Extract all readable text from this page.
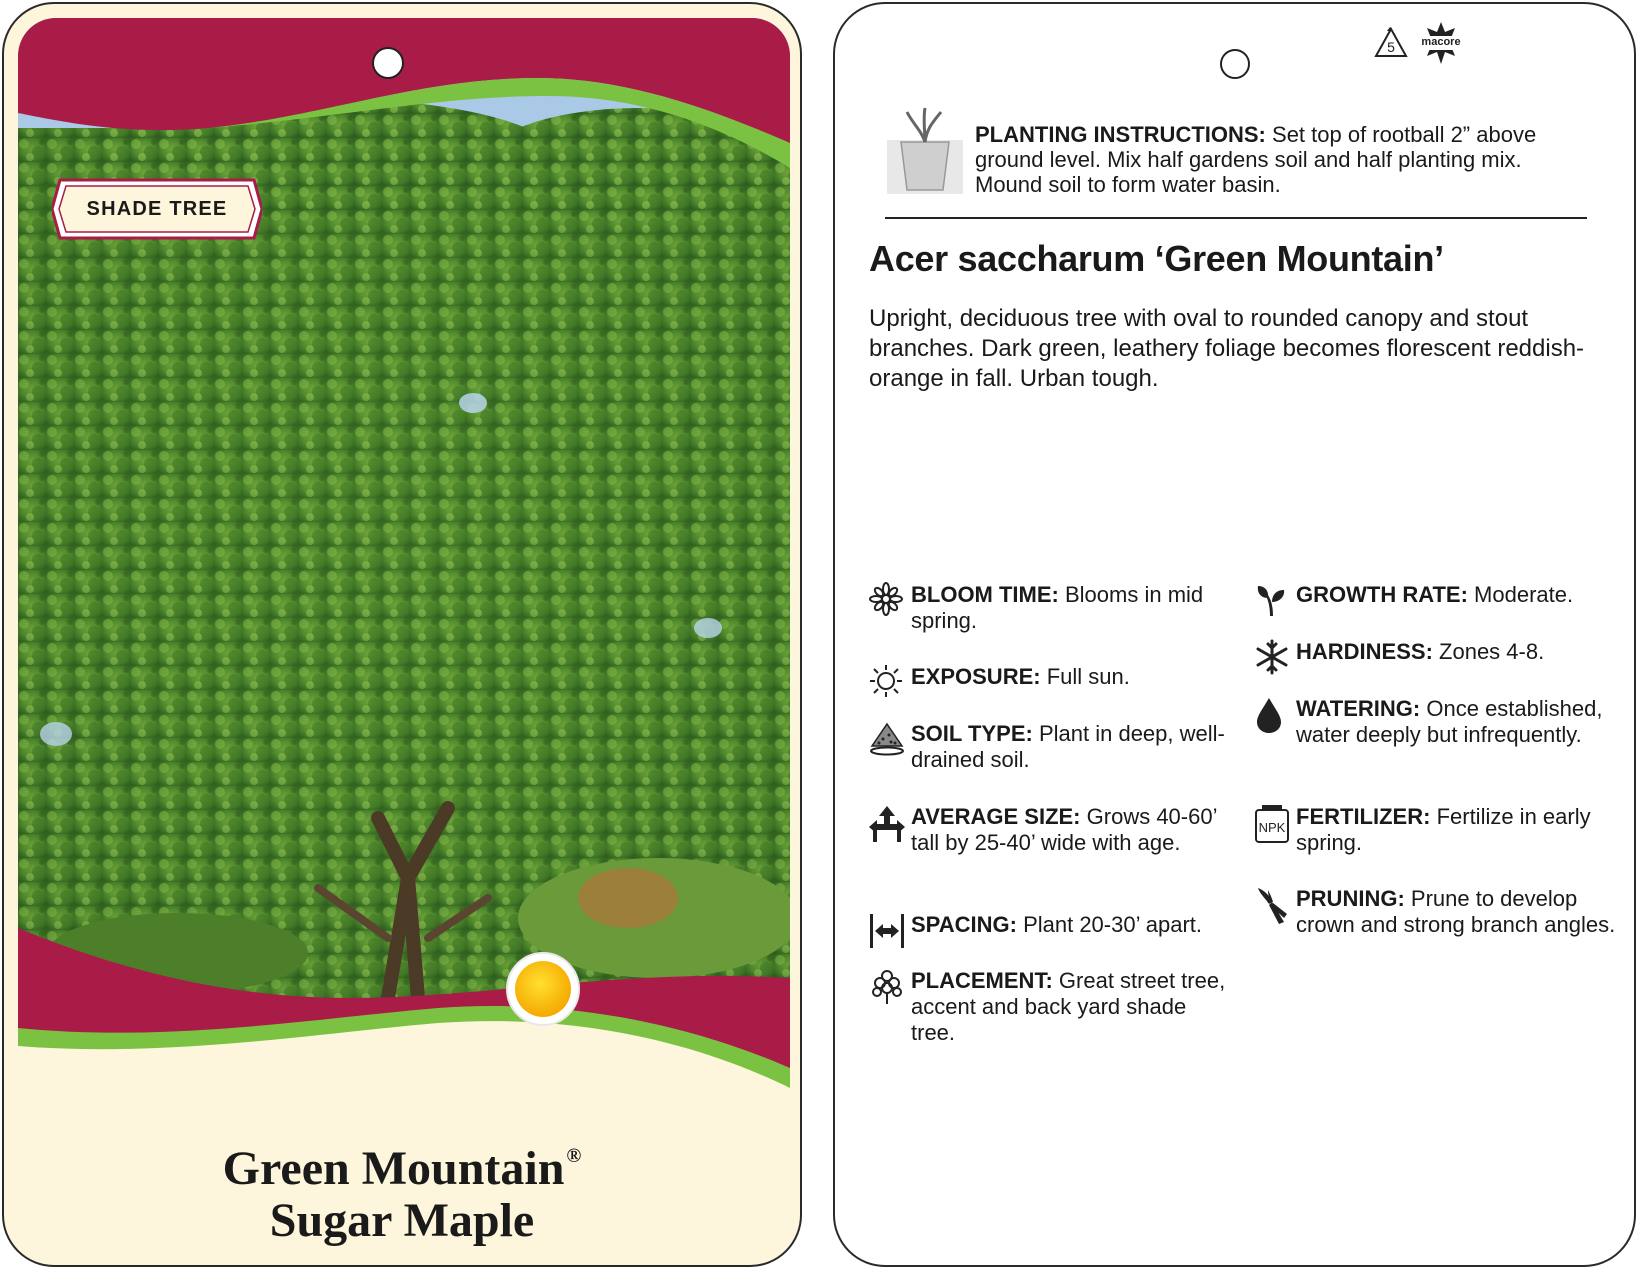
SHADE TREE
Green Mountain ®
Sugar Maple
5	macore
PLANTING INSTRUCTIONS: Set top of rootball 2” above ground level. Mix half gardens soil and half planting mix. Mound soil to form water basin.
Acer saccharum ‘Green Mountain’
Upright, deciduous tree with oval to rounded canopy and stout branches. Dark green, leathery foliage becomes florescent reddish-orange in fall. Urban tough.
BLOOM TIME: Blooms in mid spring.
EXPOSURE: Full sun.
SOIL TYPE: Plant in deep, well-drained soil.
AVERAGE SIZE: Grows 40-60’ tall by 25-40’ wide with age.
SPACING: Plant 20-30’ apart.
PLACEMENT: Great street tree, accent and back yard shade tree.
GROWTH RATE: Moderate.
HARDINESS: Zones 4-8.
WATERING: Once established, water deeply but infrequently.
NPK FERTILIZER: Fertilize in early spring.
PRUNING: Prune to develop crown and strong branch angles.
